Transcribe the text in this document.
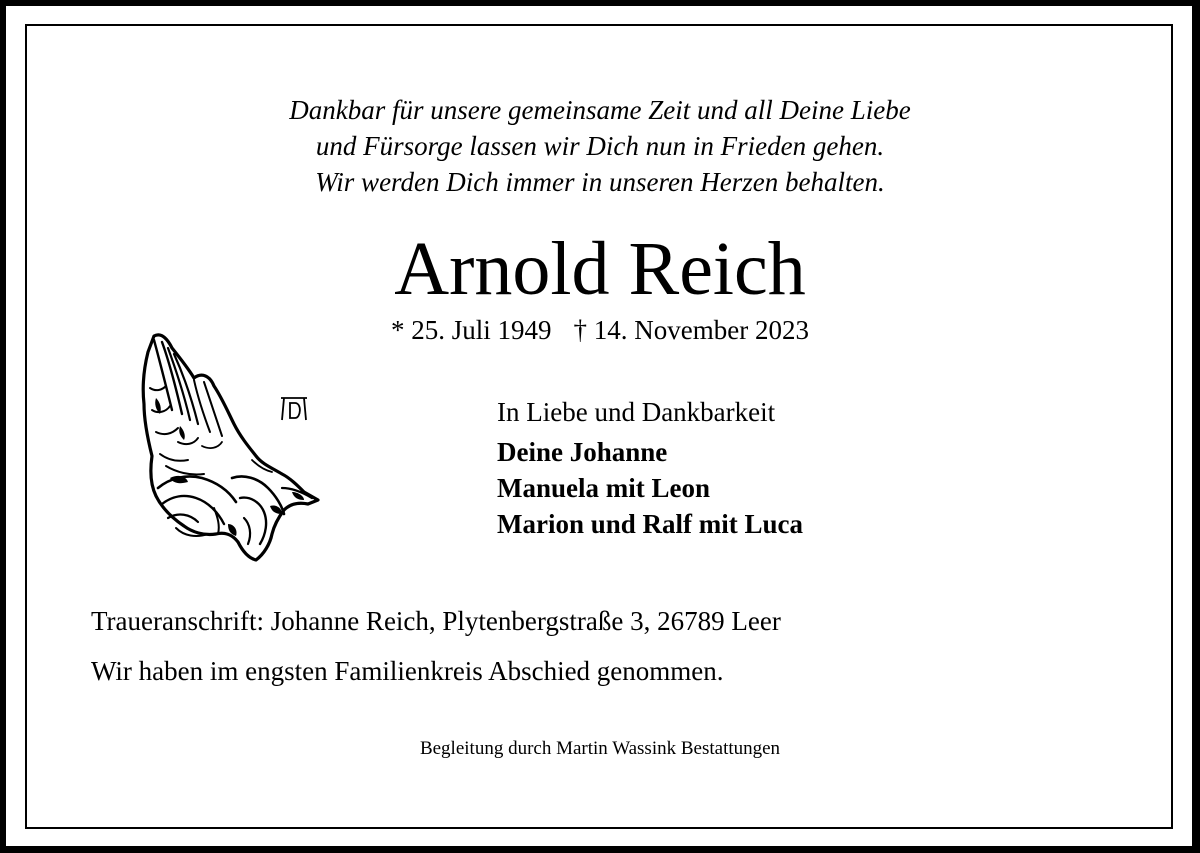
Dankbar für unsere gemeinsame Zeit und all Deine Liebe
und Fürsorge lassen wir Dich nun in Frieden gehen.
Wir werden Dich immer in unseren Herzen behalten.
Arnold Reich
* 25. Juli 1949 † 14. November 2023
In Liebe und Dankbarkeit
Deine Johanne
Manuela mit Leon
Marion und Ralf mit Luca
Traueranschrift: Johanne Reich, Plytenbergstraße 3, 26789 Leer
Wir haben im engsten Familienkreis Abschied genommen.
Begleitung durch Martin Wassink Bestattungen
